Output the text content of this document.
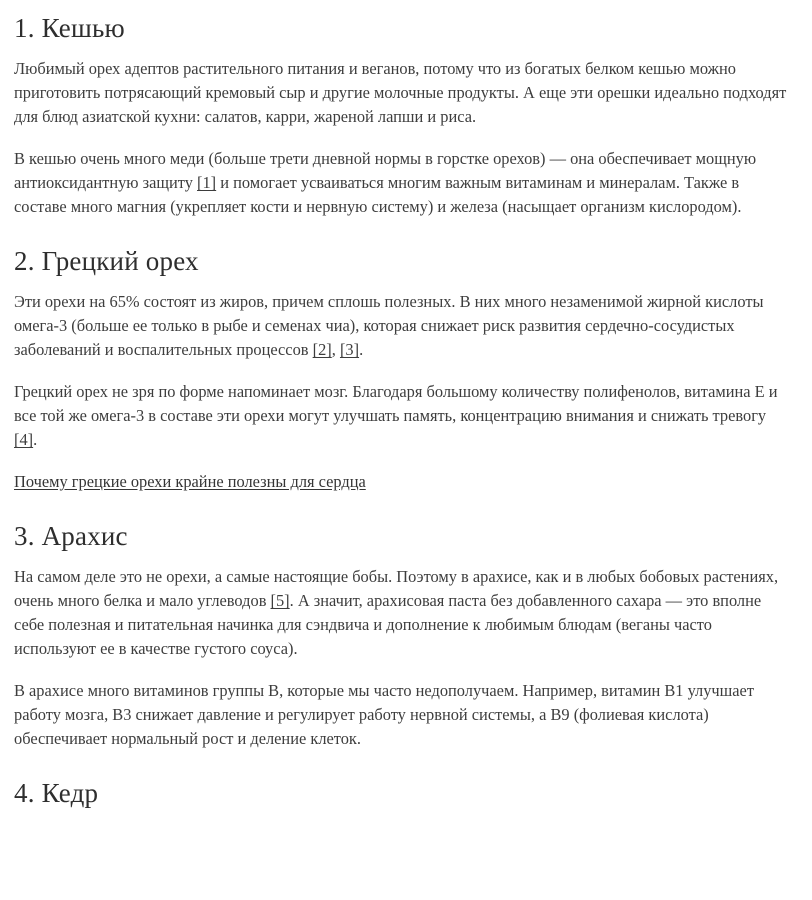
1. Кешью

Любимый орех адептов растительного питания и веганов, потому что из богатых белком кешью можно приготовить потрясающий кремовый сыр и другие молочные продукты. А еще эти орешки идеально подходят для блюд азиатской кухни: салатов, карри, жареной лапши и риса.

В кешью очень много меди (больше трети дневной нормы в горстке орехов) — она обеспечивает мощную антиоксидантную защиту [1] и помогает усваиваться многим важным витаминам и минералам. Также в составе много магния (укрепляет кости и нервную систему) и железа (насыщает организм кислородом).

2. Грецкий орех

Эти орехи на 65% состоят из жиров, причем сплошь полезных. В них много незаменимой жирной кислоты омега-3 (больше ее только в рыбе и семенах чиа), которая снижает риск развития сердечно-сосудистых заболеваний и воспалительных процессов [2], [3].

Грецкий орех не зря по форме напоминает мозг. Благодаря большому количеству полифенолов, витамина Е и все той же омега-3 в составе эти орехи могут улучшать память, концентрацию внимания и снижать тревогу [4].

Почему грецкие орехи крайне полезны для сердца

3. Арахис

На самом деле это не орехи, а самые настоящие бобы. Поэтому в арахисе, как и в любых бобовых растениях, очень много белка и мало углеводов [5]. А значит, арахисовая паста без добавленного сахара — это вполне себе полезная и питательная начинка для сэндвича и дополнение к любимым блюдам (веганы часто используют ее в качестве густого соуса).

В арахисе много витаминов группы B, которые мы часто недополучаем. Например, витамин B1 улучшает работу мозга, B3 снижает давление и регулирует работу нервной системы, а B9 (фолиевая кислота) обеспечивает нормальный рост и деление клеток.

4. Кедр
